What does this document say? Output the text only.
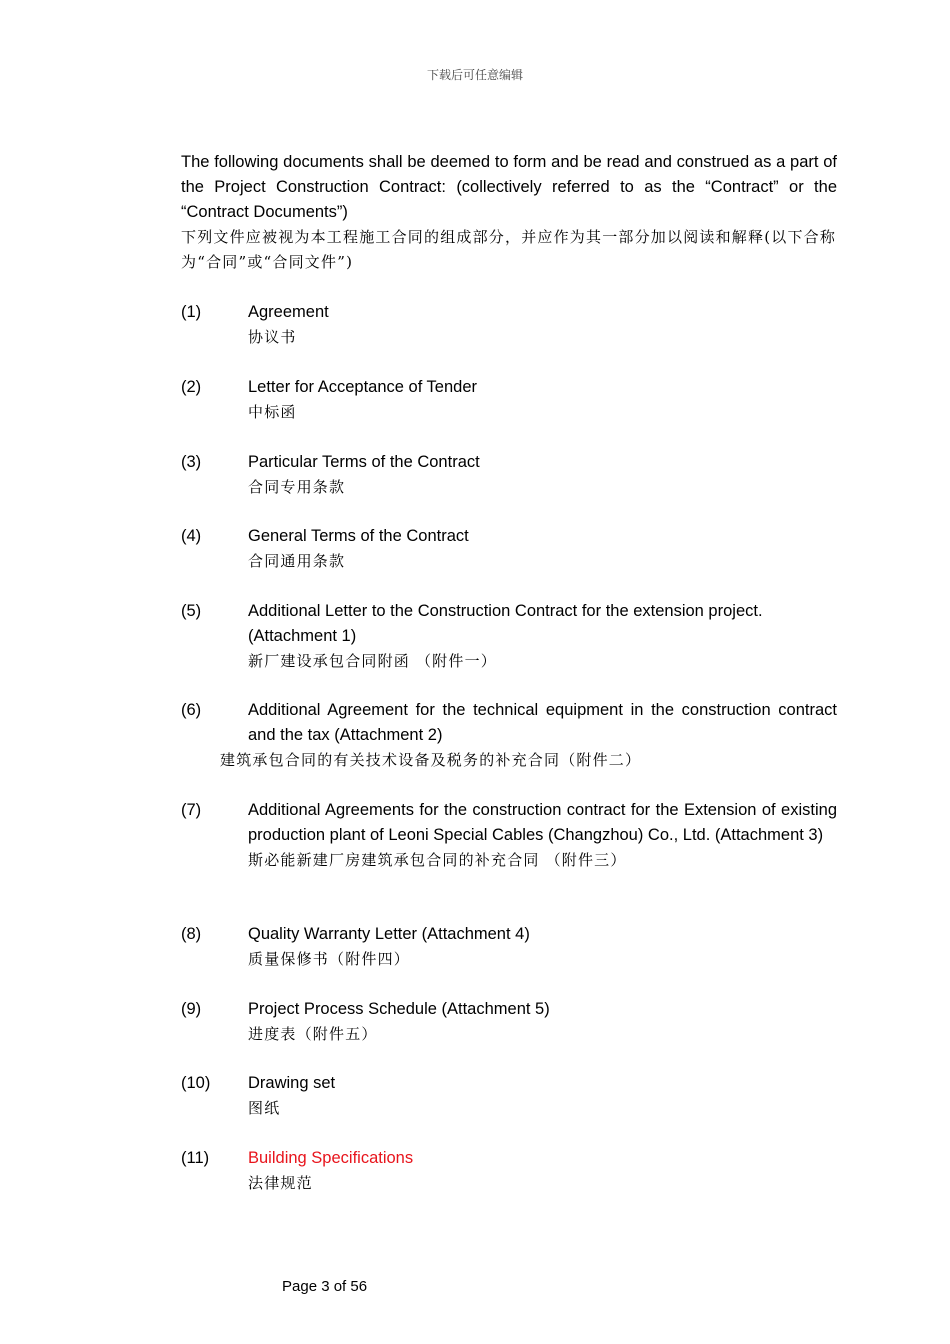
下载后可任意编辑

The following documents shall be deemed to form and be read and construed as a part of the Project Construction Contract: (collectively referred to as the “Contract” or the “Contract Documents”)

下列文件应被视为本工程施工合同的组成部分，并应作为其一部分加以阅读和解释(以下合称为“合同”或“合同文件”)

(1)	Agreement

协议书

(2)	Letter for Acceptance of Tender

中标函

(3)	Particular Terms of the Contract

合同专用条款

(4)	General Terms of the Contract

合同通用条款

(5)	Additional Letter to the Construction Contract for the extension project. (Attachment 1)

新厂建设承包合同附函 （附件一）

(6)	Additional Agreement for the technical equipment in the construction contract and the tax (Attachment 2)

建筑承包合同的有关技术设备及税务的补充合同（附件二）

(7)	Additional Agreements for the construction contract for the Extension of existing production plant of Leoni Special Cables (Changzhou) Co., Ltd. (Attachment 3)

斯必能新建厂房建筑承包合同的补充合同 （附件三）

(8)	Quality Warranty Letter (Attachment 4)

质量保修书（附件四）

(9)	Project Process Schedule (Attachment 5)

进度表（附件五）

(10) Drawing set

图纸

(11) Building Specifications

法律规范

Page 3 of 56
